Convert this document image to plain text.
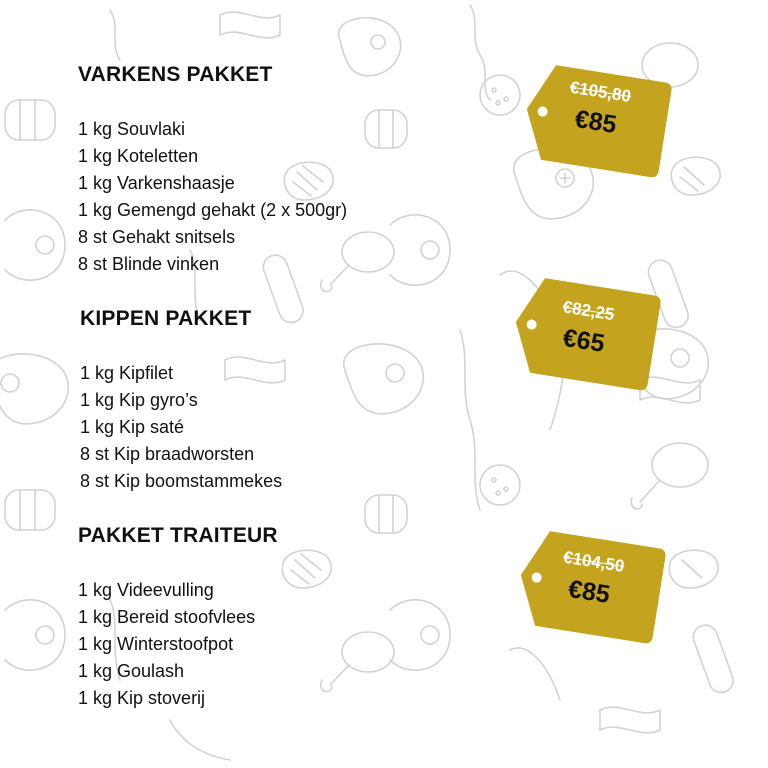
VARKENS PAKKET
1 kg Souvlaki
1 kg Koteletten
1 kg Varkenshaasje
1 kg Gemengd gehakt (2 x 500gr)
8 st Gehakt snitsels
8 st Blinde vinken
KIPPEN PAKKET
1 kg Kipfilet
1 kg Kip gyro’s
1 kg Kip saté
8 st Kip braadworsten
8 st Kip boomstammekes
PAKKET TRAITEUR
1 kg Videevulling
1 kg Bereid stoofvlees
1 kg Winterstoofpot
1 kg Goulash
1 kg Kip stoverij
€105,80
€85
€82,25
€65
€104,50
€85
